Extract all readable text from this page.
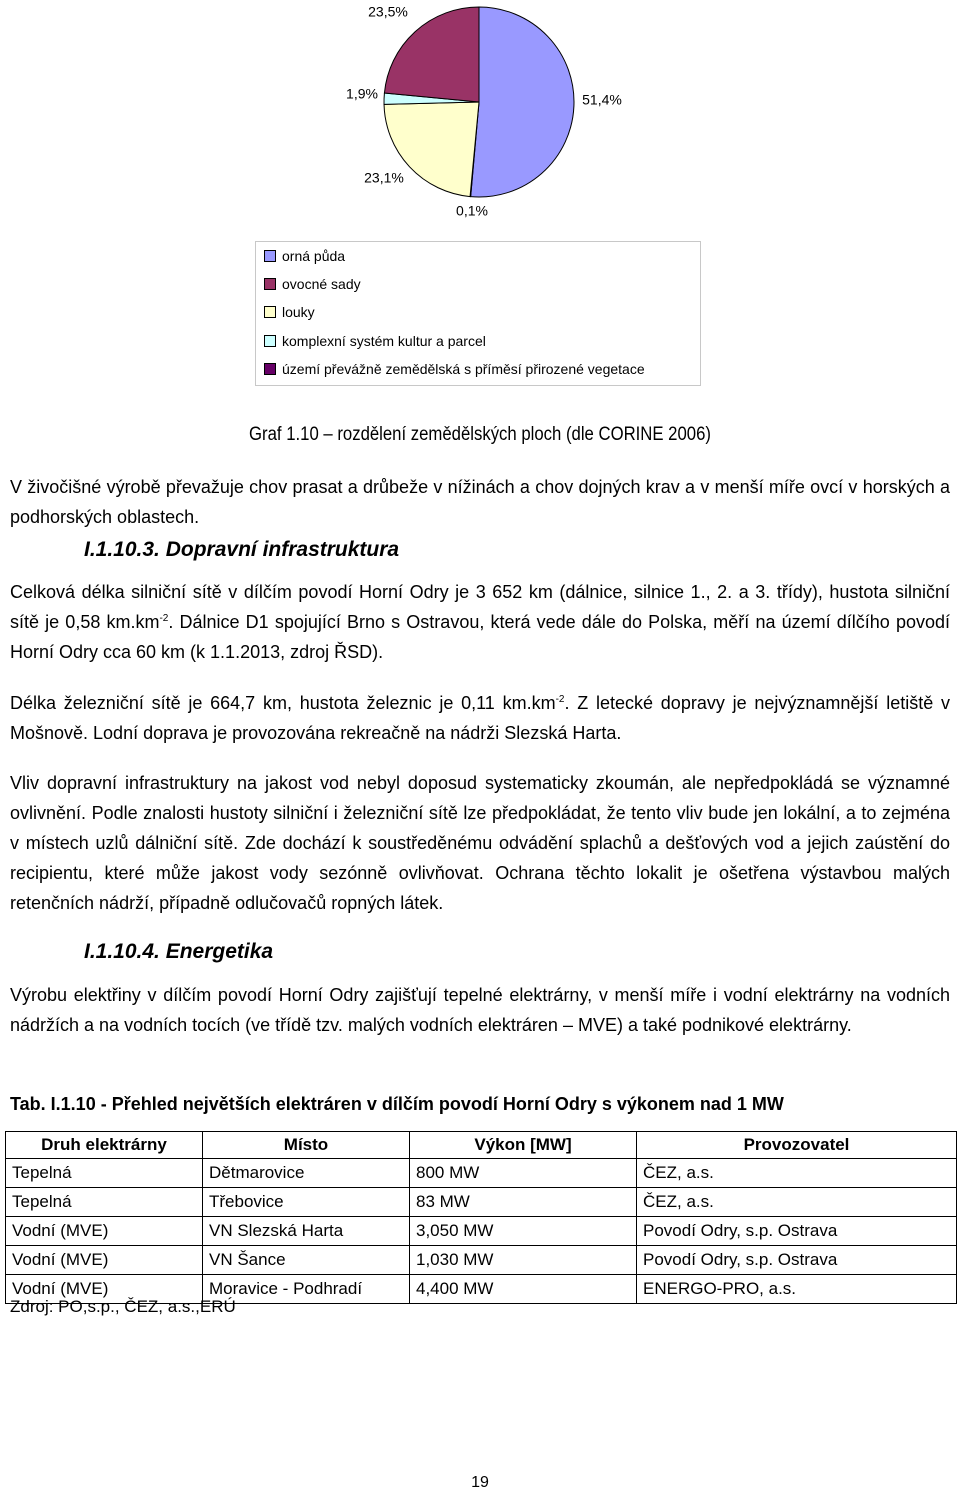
51,4%
0,1%
23,1%
1,9%
23,5%
orná půda
ovocné sady
louky
komplexní systém kultur a parcel
území převážně zemědělská s příměsí přirozené vegetace
Graf 1.10 – rozdělení zemědělských ploch (dle CORINE 2006)

V živočišné výrobě převažuje chov prasat a drůbeže v nížinách a chov dojných krav a v menší míře ovcí v horských a podhorských oblastech.

I.1.10.3. Dopravní infrastruktura

Celková délka silniční sítě v dílčím povodí Horní Odry je 3 652 km (dálnice, silnice 1., 2. a 3. třídy), hustota silniční sítě je 0,58 $km.km^{-2}$. Dálnice D1 spojující Brno s Ostravou, která vede dále do Polska, měří na území dílčího povodí Horní Odry cca 60 km (k 1.1.2013, zdroj ŘSD).

Délka železniční sítě je 664,7 km, hustota železnic je 0,11 $km.km^{-2}$. Z letecké dopravy je nejvýznamnější letiště v Mošnově. Lodní doprava je provozována rekreačně na nádrži Slezská Harta.

Vliv dopravní infrastruktury na jakost vod nebyl doposud systematicky zkoumán, ale nepředpokládá se významné ovlivnění. Podle znalosti hustoty silniční i železniční sítě lze předpokládat, že tento vliv bude jen lokální, a to zejména v místech uzlů dálniční sítě. Zde dochází k soustředěnému odvádění splachů a dešťových vod a jejich zaústění do recipientu, které může jakost vody sezónně ovlivňovat. Ochrana těchto lokalit je ošetřena výstavbou malých retenčních nádrží, případně odlučovačů ropných látek.

I.1.10.4. Energetika

Výrobu elektřiny v dílčím povodí Horní Odry zajišťují tepelné elektrárny, v menší míře i vodní elektrárny na vodních nádržích a na vodních tocích (ve třídě tzv. malých vodních elektráren – MVE) a také podnikové elektrárny.

Tab. I.1.10 - Přehled největších elektráren v dílčím povodí Horní Odry s výkonem nad 1 MW
Druh elektrárny	Místo	Výkon [MW]	Provozovatel
Tepelná	Dětmarovice	800 MW	ČEZ, a.s.
Tepelná	Třebovice	83 MW	ČEZ, a.s.
Vodní (MVE)	VN Slezská Harta	3,050 MW	Povodí Odry, s.p. Ostrava
Vodní (MVE)	VN Šance	1,030 MW	Povodí Odry, s.p. Ostrava
Vodní (MVE)	Moravice - Podhradí	4,400 MW	ENERGO-PRO, a.s.
Zdroj: PO,s.p., ČEZ, a.s.,ERÚ
19
